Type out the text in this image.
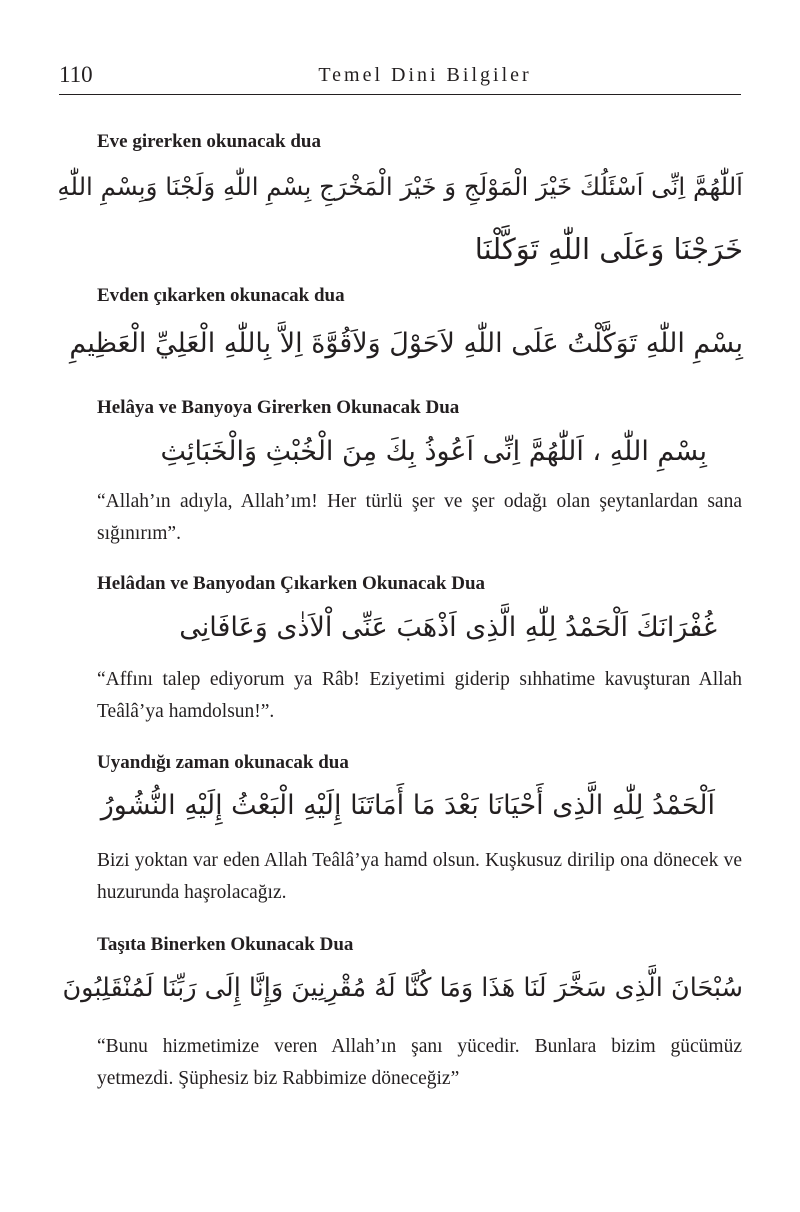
110	Temel Dini Bilgiler
Eve girerken okunacak dua
اَللّٰهُمَّ اِنِّى اَسْئَلُكَ خَيْرَ الْمَوْلَجِ وَ خَيْرَ الْمَخْرَجِ بِسْمِ اللّٰهِ وَلَجْنَا وَبِسْمِ اللّٰهِ
خَرَجْنَا وَعَلَى اللّٰهِ تَوَكَّلْنَا
Evden çıkarken okunacak dua
بِسْمِ اللّٰهِ تَوَكَّلْتُ عَلَى اللّٰهِ لاَحَوْلَ وَلاَقُوَّةَ اِلاَّ بِاللّٰهِ الْعَلِيِّ الْعَظِيمِ
Helâya ve Banyoya Girerken Okunacak Dua
بِسْمِ اللّٰهِ ، اَللّٰهُمَّ اِنِّى اَعُوذُ بِكَ مِنَ الْخُبْثِ وَالْخَبَائِثِ

“Allah’ın adıyla, Allah’ım! Her türlü şer ve şer odağı olan şeytanlardan sana sığınırım”.

Helâdan ve Banyodan Çıkarken Okunacak Dua
غُفْرَانَكَ اَلْحَمْدُ لِلّٰهِ الَّذِى اَذْهَبَ عَنِّى اْلاَذٰى وَعَافَانِى

“Affını talep ediyorum ya Râb! Eziyetimi giderip sıhhatime kavuşturan Allah Teâlâ’ya hamdolsun!”.

Uyandığı zaman okunacak dua
اَلْحَمْدُ لِلّٰهِ الَّذِى أَحْيَانَا بَعْدَ مَا أَمَاتَنَا إِلَيْهِ الْبَعْثُ إِلَيْهِ النُّشُورُ

Bizi yoktan var eden Allah Teâlâ’ya hamd olsun. Kuşkusuz dirilip ona dönecek ve huzurunda haşrolacağız.

Taşıta Binerken Okunacak Dua
سُبْحَانَ الَّذِى سَخَّرَ لَنَا هَذَا وَمَا كُنَّا لَهُ مُقْرِنِينَ وَإِنَّا إِلَى رَبِّنَا لَمُنْقَلِبُونَ

“Bunu hizmetimize veren Allah’ın şanı yücedir. Bunlara bizim gücümüz yetmezdi. Şüphesiz biz Rabbimize döneceğiz”
